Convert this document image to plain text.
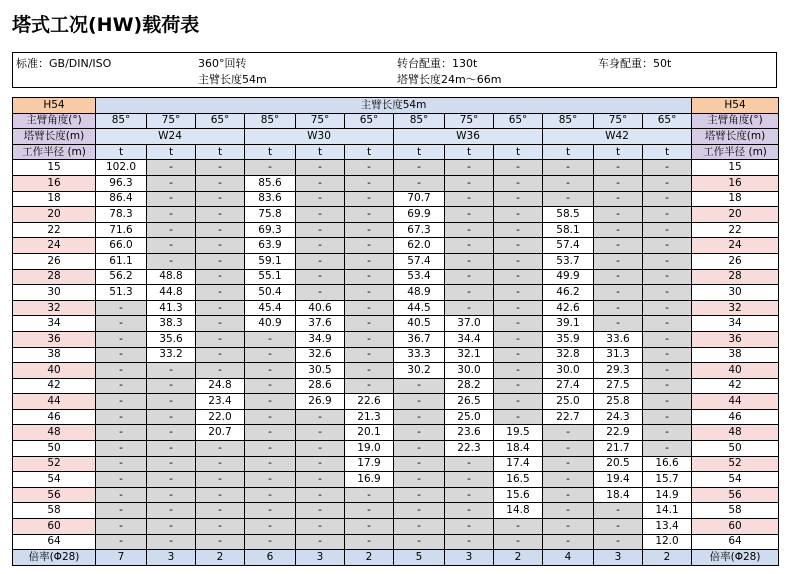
塔式工况(HW)载荷表
标准：GB/DIN/ISO	360°回转
主臂长度54m
转台配重：130t
塔臂长度24m～66m
车身配重：50t
H54	主臂长度54m												H54
主臂角度(°)	85°	75°	65°	85°	75°	65°	85°	75°	65°	85°	75°	65°	主臂角度(°)
塔臂长度(m)	W24			W30			W36			W42			塔臂长度(m)
工作半径 (m)	t	t	t	t	t	t	t	t	t	t	t	t	工作半径 (m)
15	102.0	-	-	-	-	-	-	-	-	-	-	-	15
16	96.3	-	-	85.6	-	-	-	-	-	-	-	-	16
18	86.4	-	-	83.6	-	-	70.7	-	-	-	-	-	18
20	78.3	-	-	75.8	-	-	69.9	-	-	58.5	-	-	20
22	71.6	-	-	69.3	-	-	67.3	-	-	58.1	-	-	22
24	66.0	-	-	63.9	-	-	62.0	-	-	57.4	-	-	24
26	61.1	-	-	59.1	-	-	57.4	-	-	53.7	-	-	26
28	56.2	48.8	-	55.1	-	-	53.4	-	-	49.9	-	-	28
30	51.3	44.8	-	50.4	-	-	48.9	-	-	46.2	-	-	30
32	-	41.3	-	45.4	40.6	-	44.5	-	-	42.6	-	-	32
34	-	38.3	-	40.9	37.6	-	40.5	37.0	-	39.1	-	-	34
36	-	35.6	-	-	34.9	-	36.7	34.4	-	35.9	33.6	-	36
38	-	33.2	-	-	32.6	-	33.3	32.1	-	32.8	31.3	-	38
40	-	-	-	-	30.5	-	30.2	30.0	-	30.0	29.3	-	40
42	-	-	24.8	-	28.6	-	-	28.2	-	27.4	27.5	-	42
44	-	-	23.4	-	26.9	22.6	-	26.5	-	25.0	25.8	-	44
46	-	-	22.0	-	-	21.3	-	25.0	-	22.7	24.3	-	46
48	-	-	20.7	-	-	20.1	-	23.6	19.5	-	22.9	-	48
50	-	-	-	-	-	19.0	-	22.3	18.4	-	21.7	-	50
52	-	-	-	-	-	17.9	-	-	17.4	-	20.5	16.6	52
54	-	-	-	-	-	16.9	-	-	16.5	-	19.4	15.7	54
56	-	-	-	-	-	-	-	-	15.6	-	18.4	14.9	56
58	-	-	-	-	-	-	-	-	14.8	-	-	14.1	58
60	-	-	-	-	-	-	-	-	-	-	-	13.4	60
64	-	-	-	-	-	-	-	-	-	-	-	12.0	64
倍率(Φ28)	7	3	2	6	3	2	5	3	2	4	3	2	倍率(Φ28)
